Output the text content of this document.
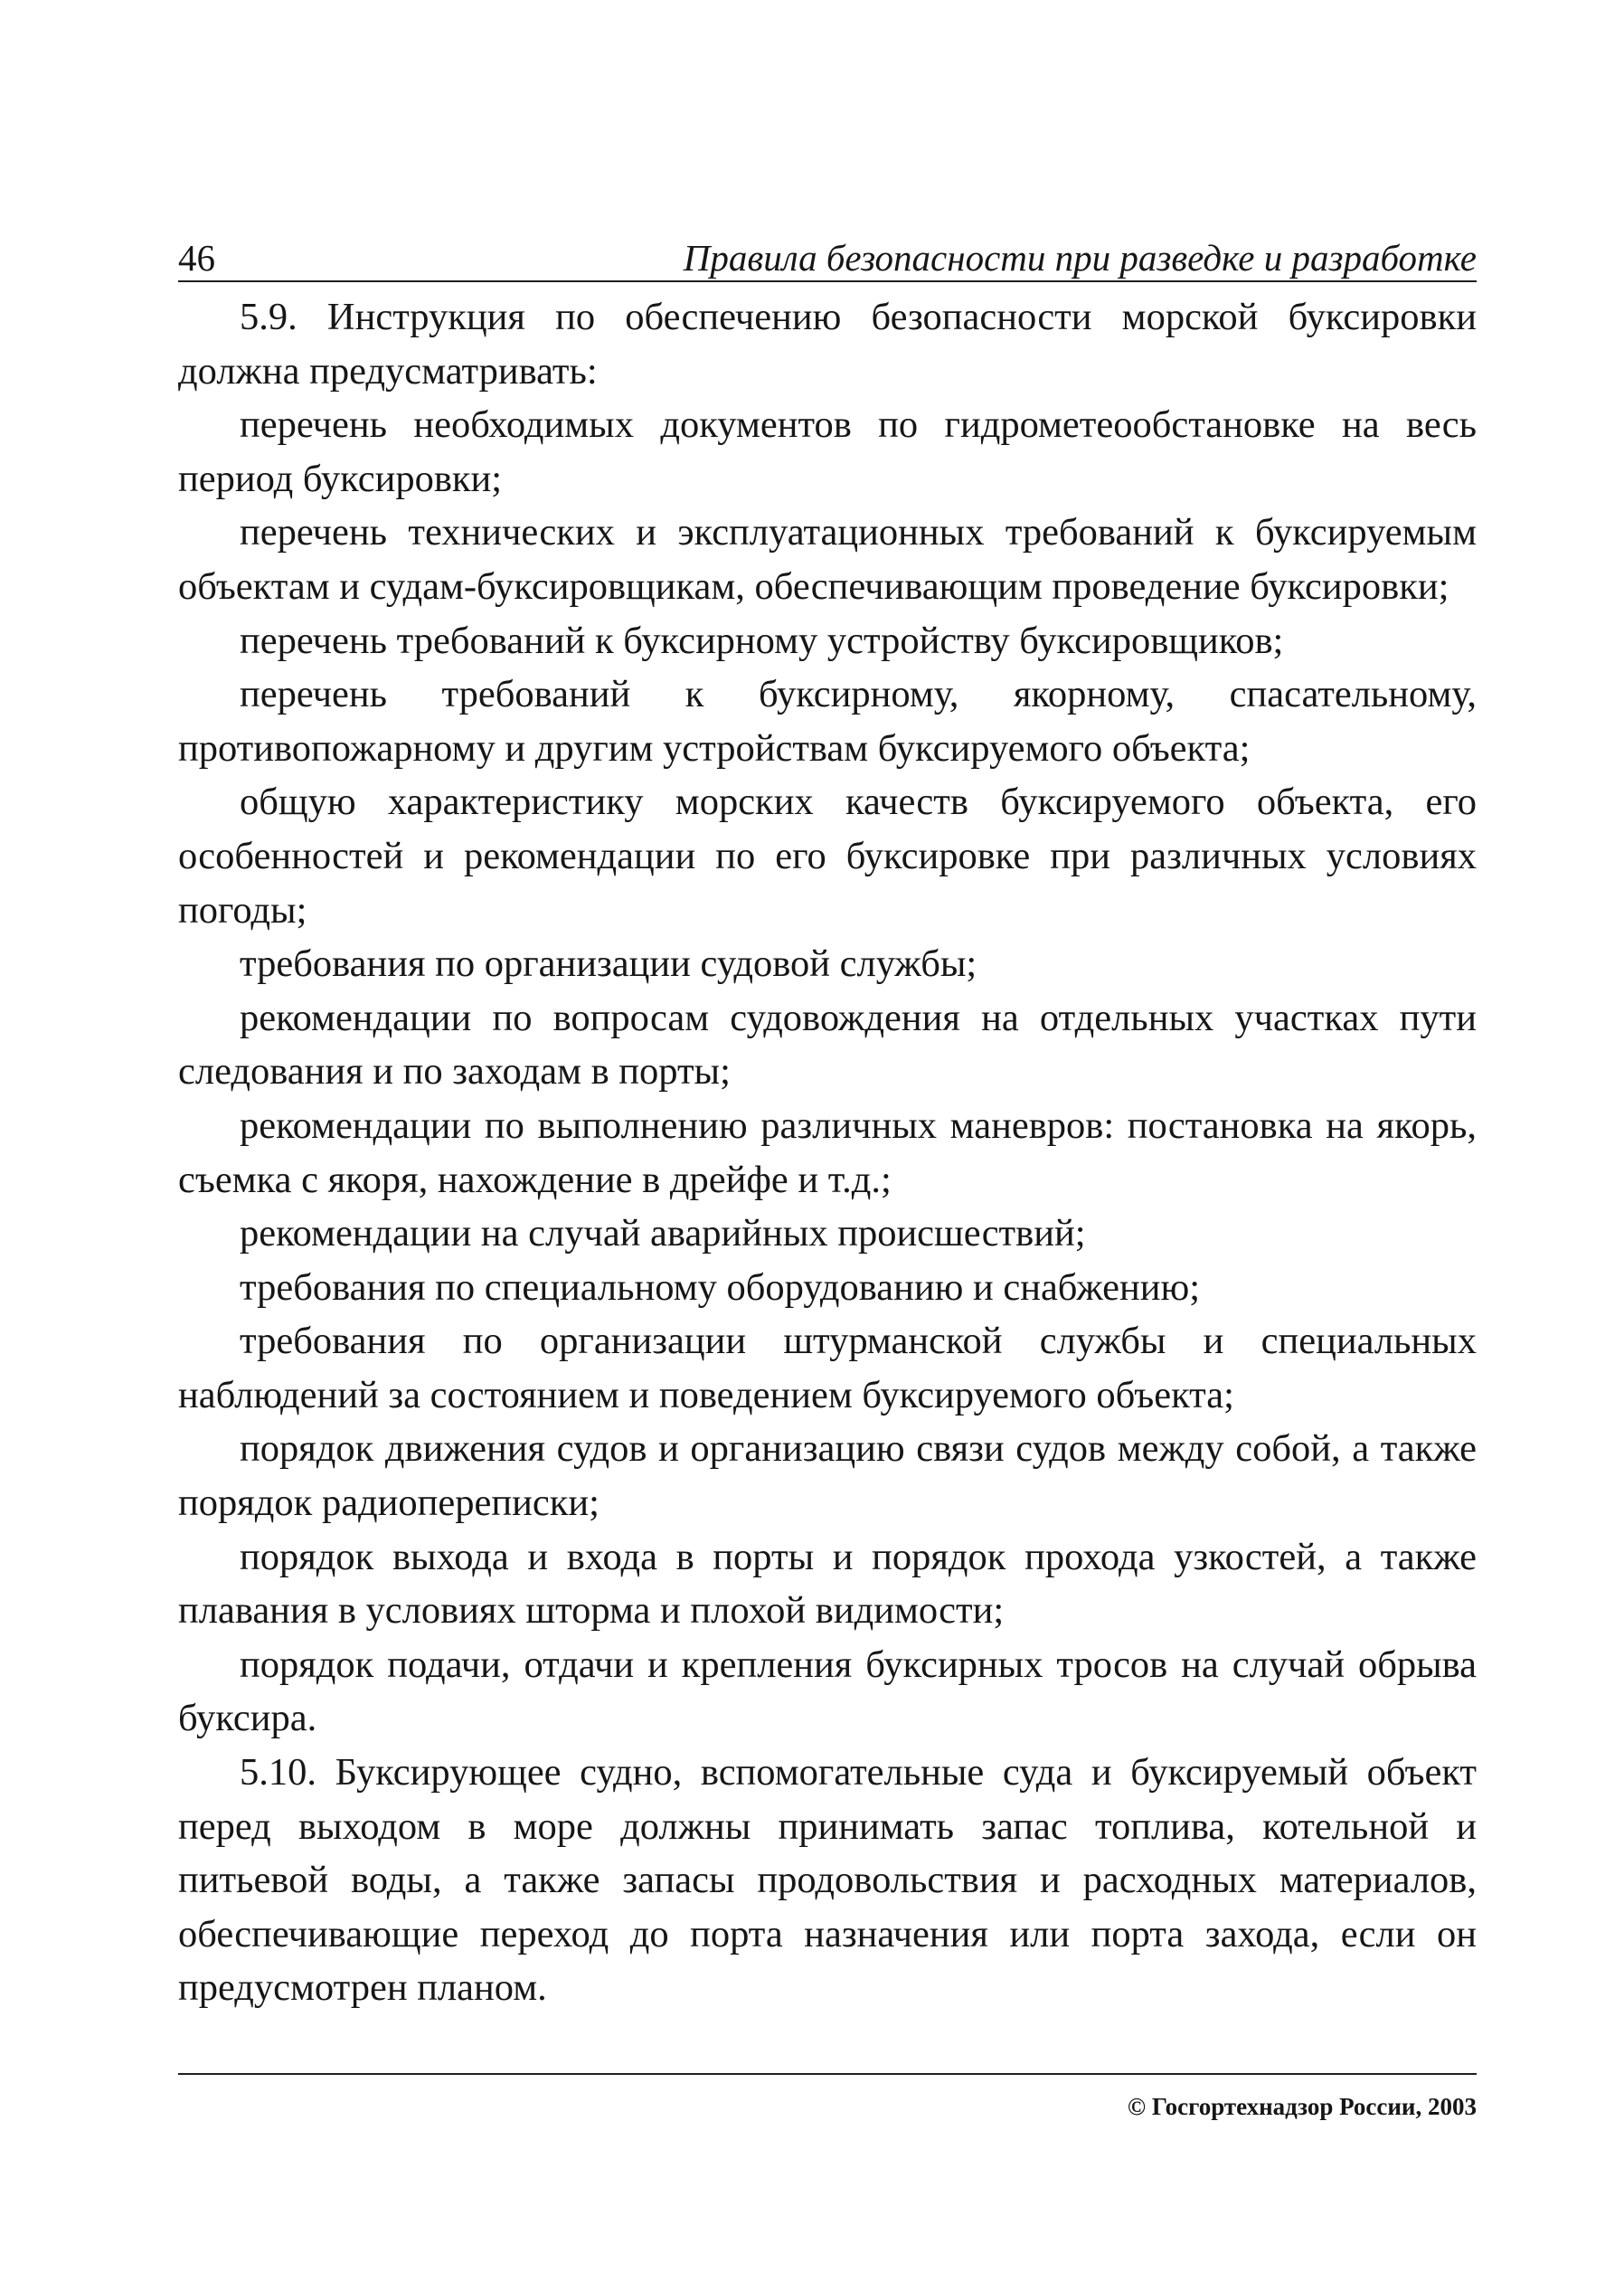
46	Правила безопасности при разведке и разработке

5.9. Инструкция по обеспечению безопасности морской буксировки должна предусматривать:

перечень необходимых документов по гидрометеообстановке на весь период буксировки;

перечень технических и эксплуатационных требований к буксируемым объектам и судам-буксировщикам, обеспечивающим проведение буксировки;

перечень требований к буксирному устройству буксировщиков;

перечень требований к буксирному, якорному, спасательному, противопожарному и другим устройствам буксируемого объекта;

общую характеристику морских качеств буксируемого объекта, его особенностей и рекомендации по его буксировке при различных условиях погоды;

требования по организации судовой службы;

рекомендации по вопросам судовождения на отдельных участках пути следования и по заходам в порты;

рекомендации по выполнению различных маневров: постановка на якорь, съемка с якоря, нахождение в дрейфе и т.д.;

рекомендации на случай аварийных происшествий;

требования по специальному оборудованию и снабжению;

требования по организации штурманской службы и специальных наблюдений за состоянием и поведением буксируемого объекта;

порядок движения судов и организацию связи судов между собой, а также порядок радиопереписки;

порядок выхода и входа в порты и порядок прохода узкостей, а также плавания в условиях шторма и плохой видимости;

порядок подачи, отдачи и крепления буксирных тросов на случай обрыва буксира.

5.10. Буксирующее судно, вспомогательные суда и буксируемый объект перед выходом в море должны принимать запас топлива, котельной и питьевой воды, а также запасы продовольствия и расходных материалов, обеспечивающие переход до порта назначения или порта захода, если он предусмотрен планом.

© Госгортехнадзор России, 2003
